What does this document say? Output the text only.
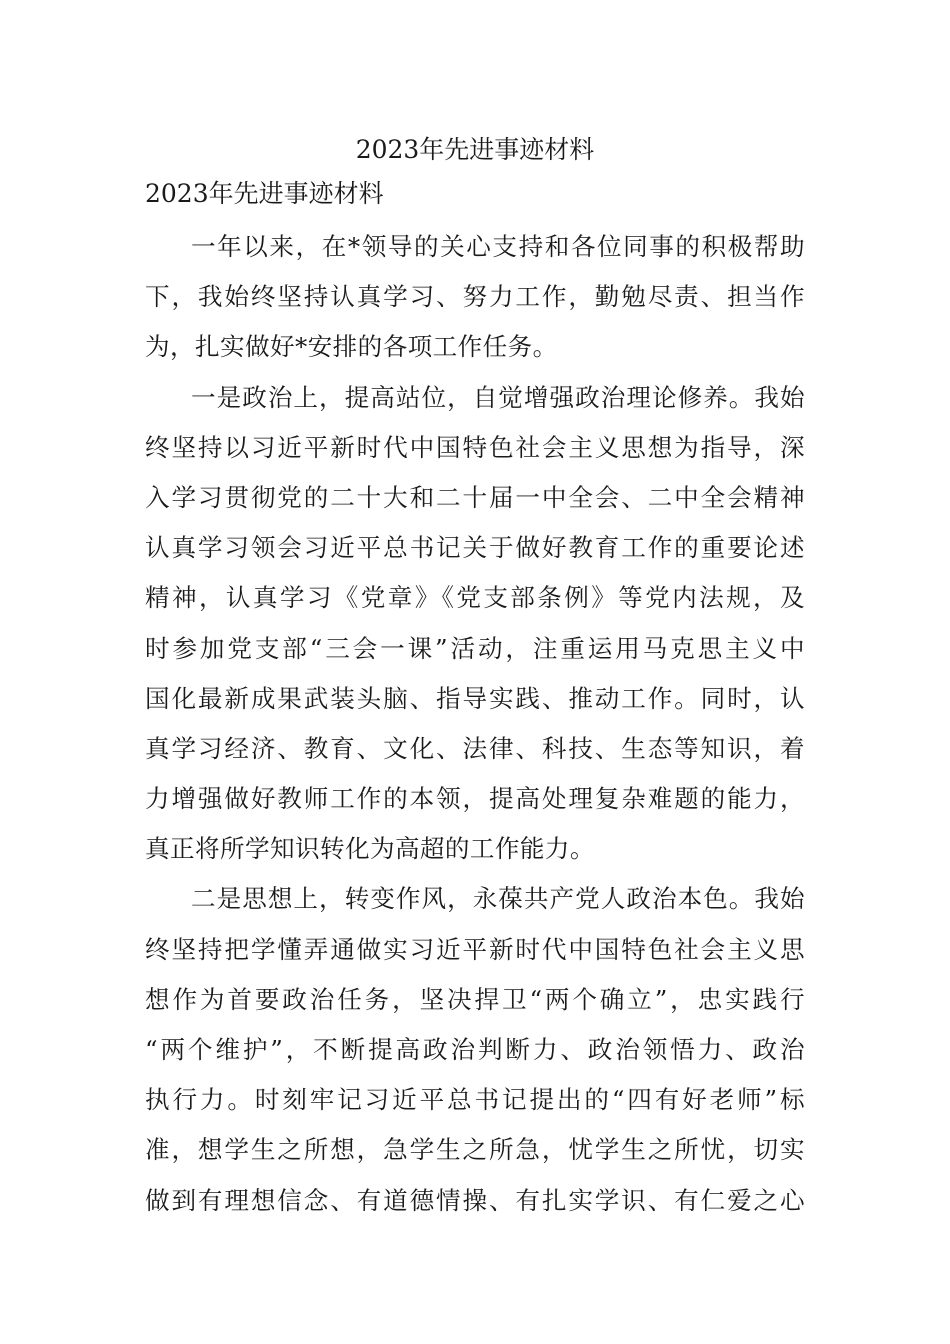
2023年先进事迹材料
2023年先进事迹材料
一年以来，在*领导的关心支持和各位同事的积极帮助
下，我始终坚持认真学习、努力工作，勤勉尽责、担当作
为，扎实做好*安排的各项工作任务。
一是政治上，提高站位，自觉增强政治理论修养。我始
终坚持以习近平新时代中国特色社会主义思想为指导，深
入学习贯彻党的二十大和二十届一中全会、二中全会精神
认真学习领会习近平总书记关于做好教育工作的重要论述
精神，认真学习《党章》《党支部条例》等党内法规，及
时参加党支部“三会一课”活动，注重运用马克思主义中
国化最新成果武装头脑、指导实践、推动工作。同时，认
真学习经济、教育、文化、法律、科技、生态等知识，着
力增强做好教师工作的本领，提高处理复杂难题的能力，
真正将所学知识转化为高超的工作能力。
二是思想上，转变作风，永葆共产党人政治本色。我始
终坚持把学懂弄通做实习近平新时代中国特色社会主义思
想作为首要政治任务，坚决捍卫“两个确立”，忠实践行
“两个维护”，不断提高政治判断力、政治领悟力、政治
执行力。时刻牢记习近平总书记提出的“四有好老师”标
准，想学生之所想，急学生之所急，忧学生之所忧，切实
做到有理想信念、有道德情操、有扎实学识、有仁爱之心
